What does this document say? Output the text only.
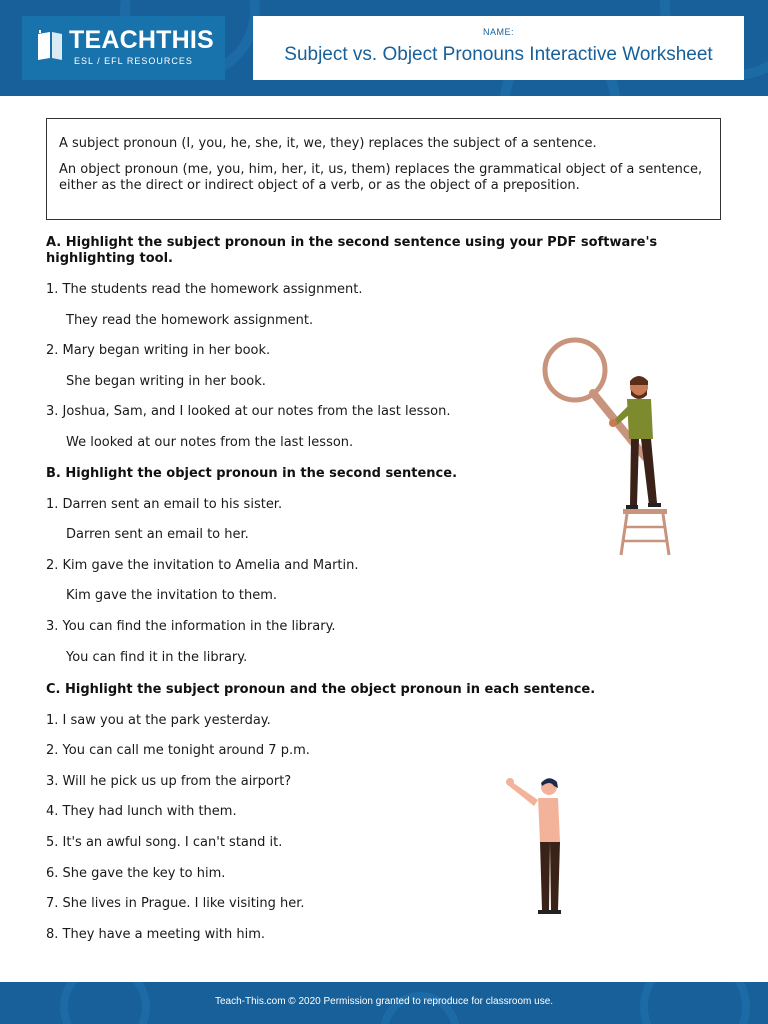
TEACHTHIS
ESL / EFL RESOURCES
NAME:
Subject vs. Object Pronouns Interactive Worksheet

A subject pronoun (I, you, he, she, it, we, they) replaces the subject of a sentence.

An object pronoun (me, you, him, her, it, us, them) replaces the grammatical object of a sentence, either as the direct or indirect object of a verb, or as the object of a preposition.

A. Highlight the subject pronoun in the second sentence using your PDF software's highlighting tool.
1. The students read the homework assignment.
They read the homework assignment.
2. Mary began writing in her book.
She began writing in her book.
3. Joshua, Sam, and I looked at our notes from the last lesson.
We looked at our notes from the last lesson.
B. Highlight the object pronoun in the second sentence.
1. Darren sent an email to his sister.
Darren sent an email to her.
2. Kim gave the invitation to Amelia and Martin.
Kim gave the invitation to them.
3. You can find the information in the library.
You can find it in the library.
C. Highlight the subject pronoun and the object pronoun in each sentence.
1. I saw you at the park yesterday.
2. You can call me tonight around 7 p.m.
3. Will he pick us up from the airport?
4. They had lunch with them.
5. It's an awful song. I can't stand it.
6. She gave the key to him.
7. She lives in Prague. I like visiting her.
8. They have a meeting with him.
Teach-This.com © 2020 Permission granted to reproduce for classroom use.
